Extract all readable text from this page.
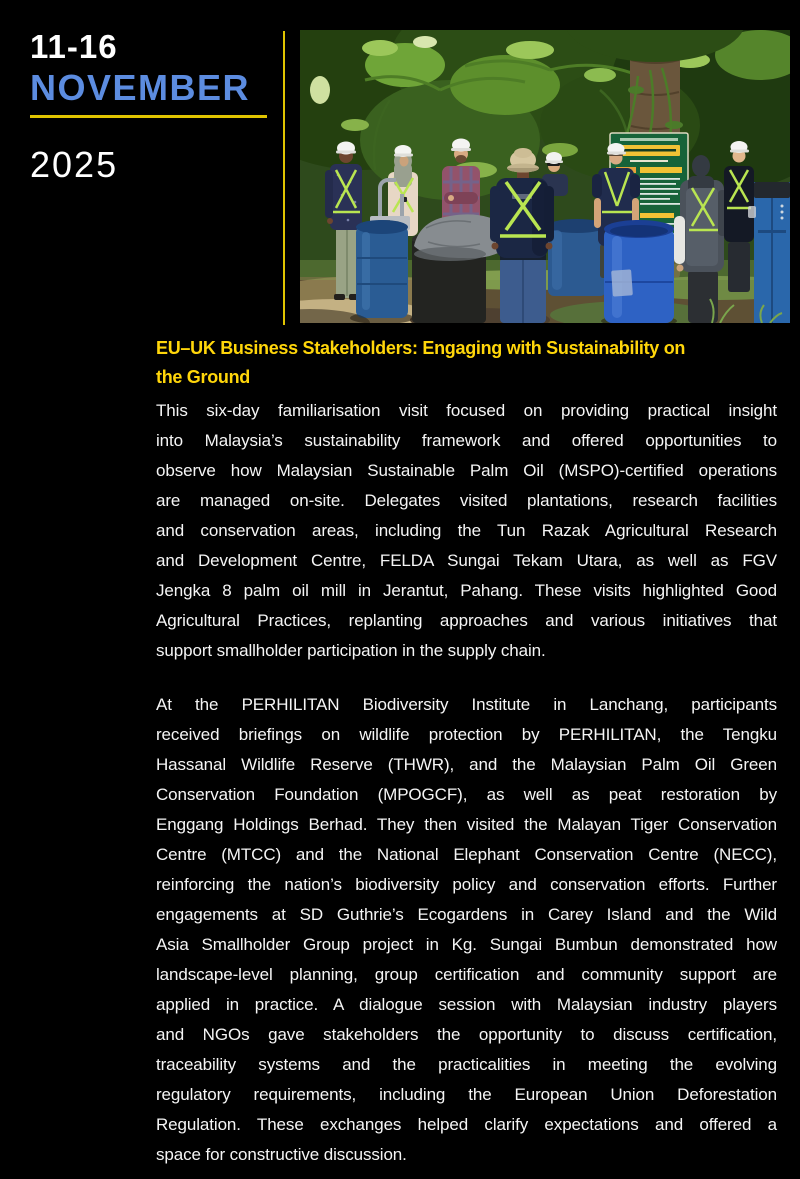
11-16
NOVEMBER
2025
EU–UK Business Stakeholders: Engaging with Sustainability on
the Ground

This six-day familiarisation visit focused on providing practical insight
into Malaysia’s sustainability framework and offered opportunities to
observe how Malaysian Sustainable Palm Oil (MSPO)-certified operations
are managed on-site. Delegates visited plantations, research facilities
and conservation areas, including the Tun Razak Agricultural Research
and Development Centre, FELDA Sungai Tekam Utara, as well as FGV
Jengka 8 palm oil mill in Jerantut, Pahang. These visits highlighted Good
Agricultural Practices, replanting approaches and various initiatives that
support smallholder participation in the supply chain.

At the PERHILITAN Biodiversity Institute in Lanchang, participants
received briefings on wildlife protection by PERHILITAN, the Tengku
Hassanal Wildlife Reserve (THWR), and the Malaysian Palm Oil Green
Conservation Foundation (MPOGCF), as well as peat restoration by
Enggang Holdings Berhad. They then visited the Malayan Tiger Conservation
Centre (MTCC) and the National Elephant Conservation Centre (NECC),
reinforcing the nation’s biodiversity policy and conservation efforts. Further
engagements at SD Guthrie’s Ecogardens in Carey Island and the Wild
Asia Smallholder Group project in Kg. Sungai Bumbun demonstrated how
landscape-level planning, group certification and community support are
applied in practice. A dialogue session with Malaysian industry players
and NGOs gave stakeholders the opportunity to discuss certification,
traceability systems and the practicalities in meeting the evolving
regulatory requirements, including the European Union Deforestation
Regulation. These exchanges helped clarify expectations and offered a
space for constructive discussion.
